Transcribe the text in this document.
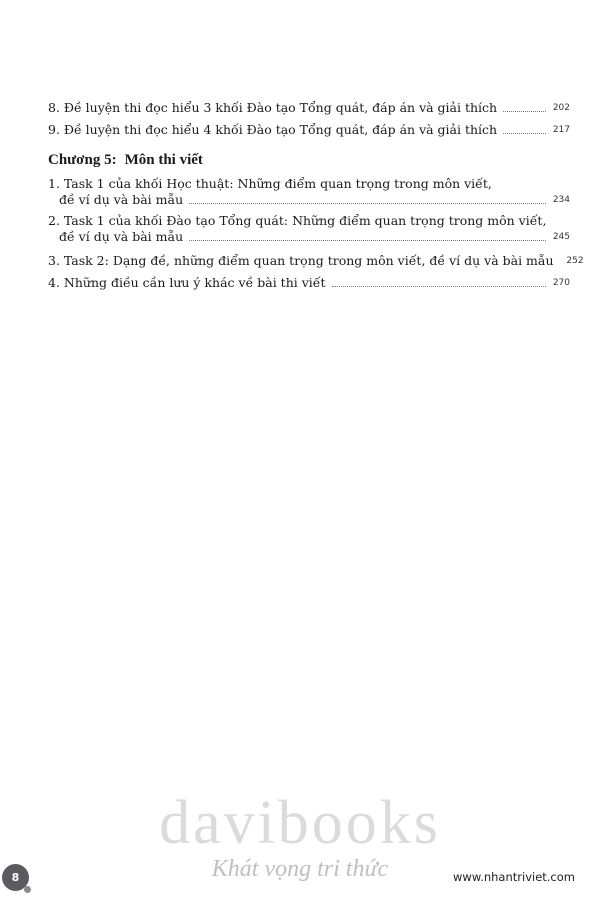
8. Đề luyện thi đọc hiểu 3 khối Đào tạo Tổng quát, đáp án và giải thích	202
9. Đề luyện thi đọc hiểu 4 khối Đào tạo Tổng quát, đáp án và giải thích	217
Chương 5: Môn thi viết
1. Task 1 của khối Học thuật: Những điểm quan trọng trong môn viết,
đề ví dụ và bài mẫu	234
2. Task 1 của khối Đào tạo Tổng quát: Những điểm quan trọng trong môn viết,
đề ví dụ và bài mẫu	245
3. Task 2: Dạng đề, những điểm quan trọng trong môn viết, đề ví dụ và bài mẫu 252
4. Những điều cần lưu ý khác về bài thi viết	270
davibooks
Khát vọng tri thức
8	www.nhantriviet.com
